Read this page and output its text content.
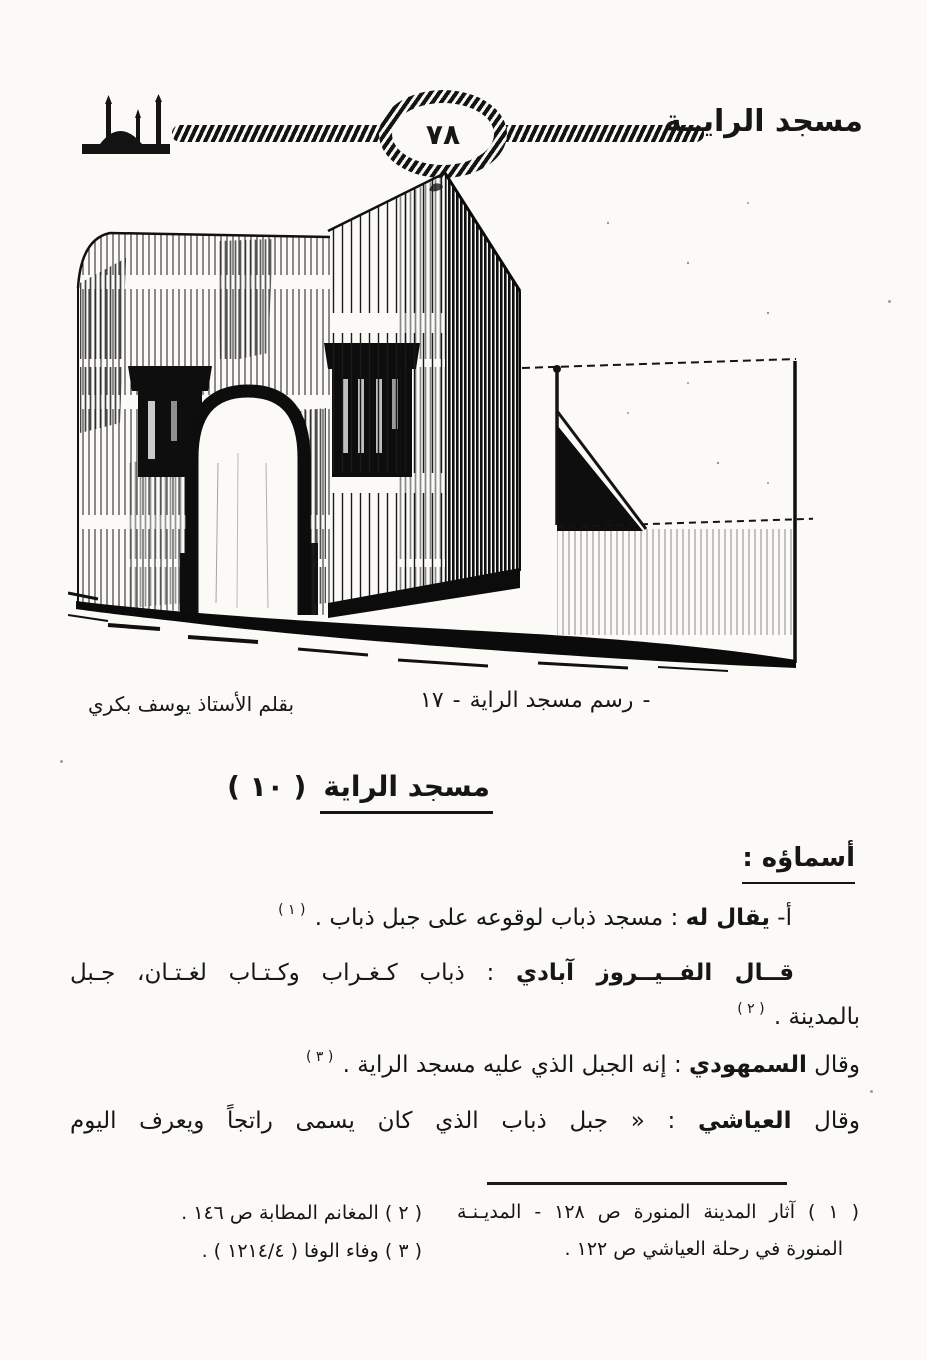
٧٨	مسجد الرايــة
١٧ - رسم مسجد الراية -
بقلم الأستاذ يوسف بكري
( ١٠ ) مسجد الراية
أسماؤه :
أ- يقال له : مسجد ذباب لوقوعه على جبل ذباب . $^{( ١ )}$
قــال الفــيــروز آبادي : ذباب كـغـراب وكـتـاب لغـتـان، جـبل
بالمدينة . $^{( ٢ )}$
وقال السمهودي : إنه الجبل الذي عليه مسجد الراية . $^{( ٣ )}$
وقال العياشي : « جبل ذباب الذي كان يسمى راتجاً ويعرف اليوم
( ١ ) آثار المدينة المنورة ص ١٢٨ - المديـنـة
المنورة في رحلة العياشي ص ١٢٢ .
( ٢ ) المغانم المطابة ص ١٤٦ .
( ٣ ) وفاء الوفا ( ١٢١٤/٤ ) .
